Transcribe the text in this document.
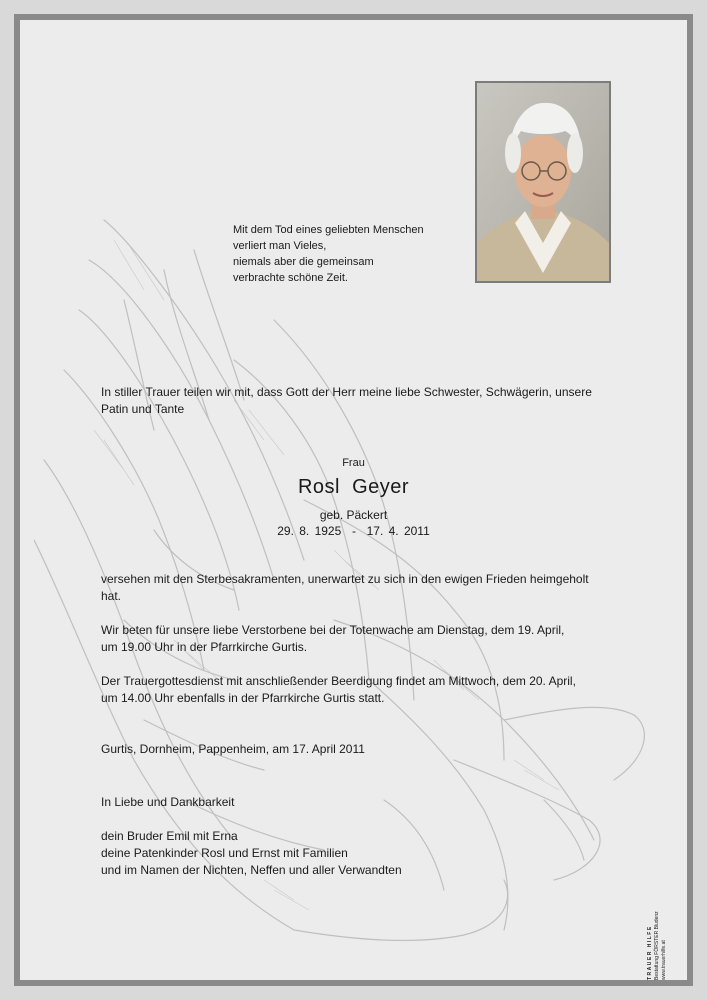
Mit dem Tod eines geliebten Menschen
verliert man Vieles,
niemals aber die gemeinsam
verbrachte schöne Zeit.
In stiller Trauer teilen wir mit, dass Gott der Herr meine liebe Schwester, Schwägerin, unsere
Patin und Tante
Frau
Rosl  Geyer
geb. Päckert
29. 8. 1925  -  17. 4. 2011
versehen mit den Sterbesakramenten, unerwartet zu sich in den ewigen Frieden heimgeholt
hat.
Wir beten für unsere liebe Verstorbene bei der Totenwache am Dienstag, dem 19. April,
um 19.00 Uhr in der Pfarrkirche Gurtis.
Der Trauergottesdienst mit anschließender Beerdigung findet am Mittwoch, dem 20. April,
um 14.00 Uhr ebenfalls in der Pfarrkirche Gurtis statt.
Gurtis, Dornheim, Pappenheim, am 17. April 2011
In Liebe und Dankbarkeit
dein Bruder Emil mit Erna
deine Patenkinder Rosl und Ernst mit Familien
und im Namen der Nichten, Neffen und aller Verwandten
TRAUER HILFE Bestattung FÖRSTER Bludenz www.trauerhilfe.at
